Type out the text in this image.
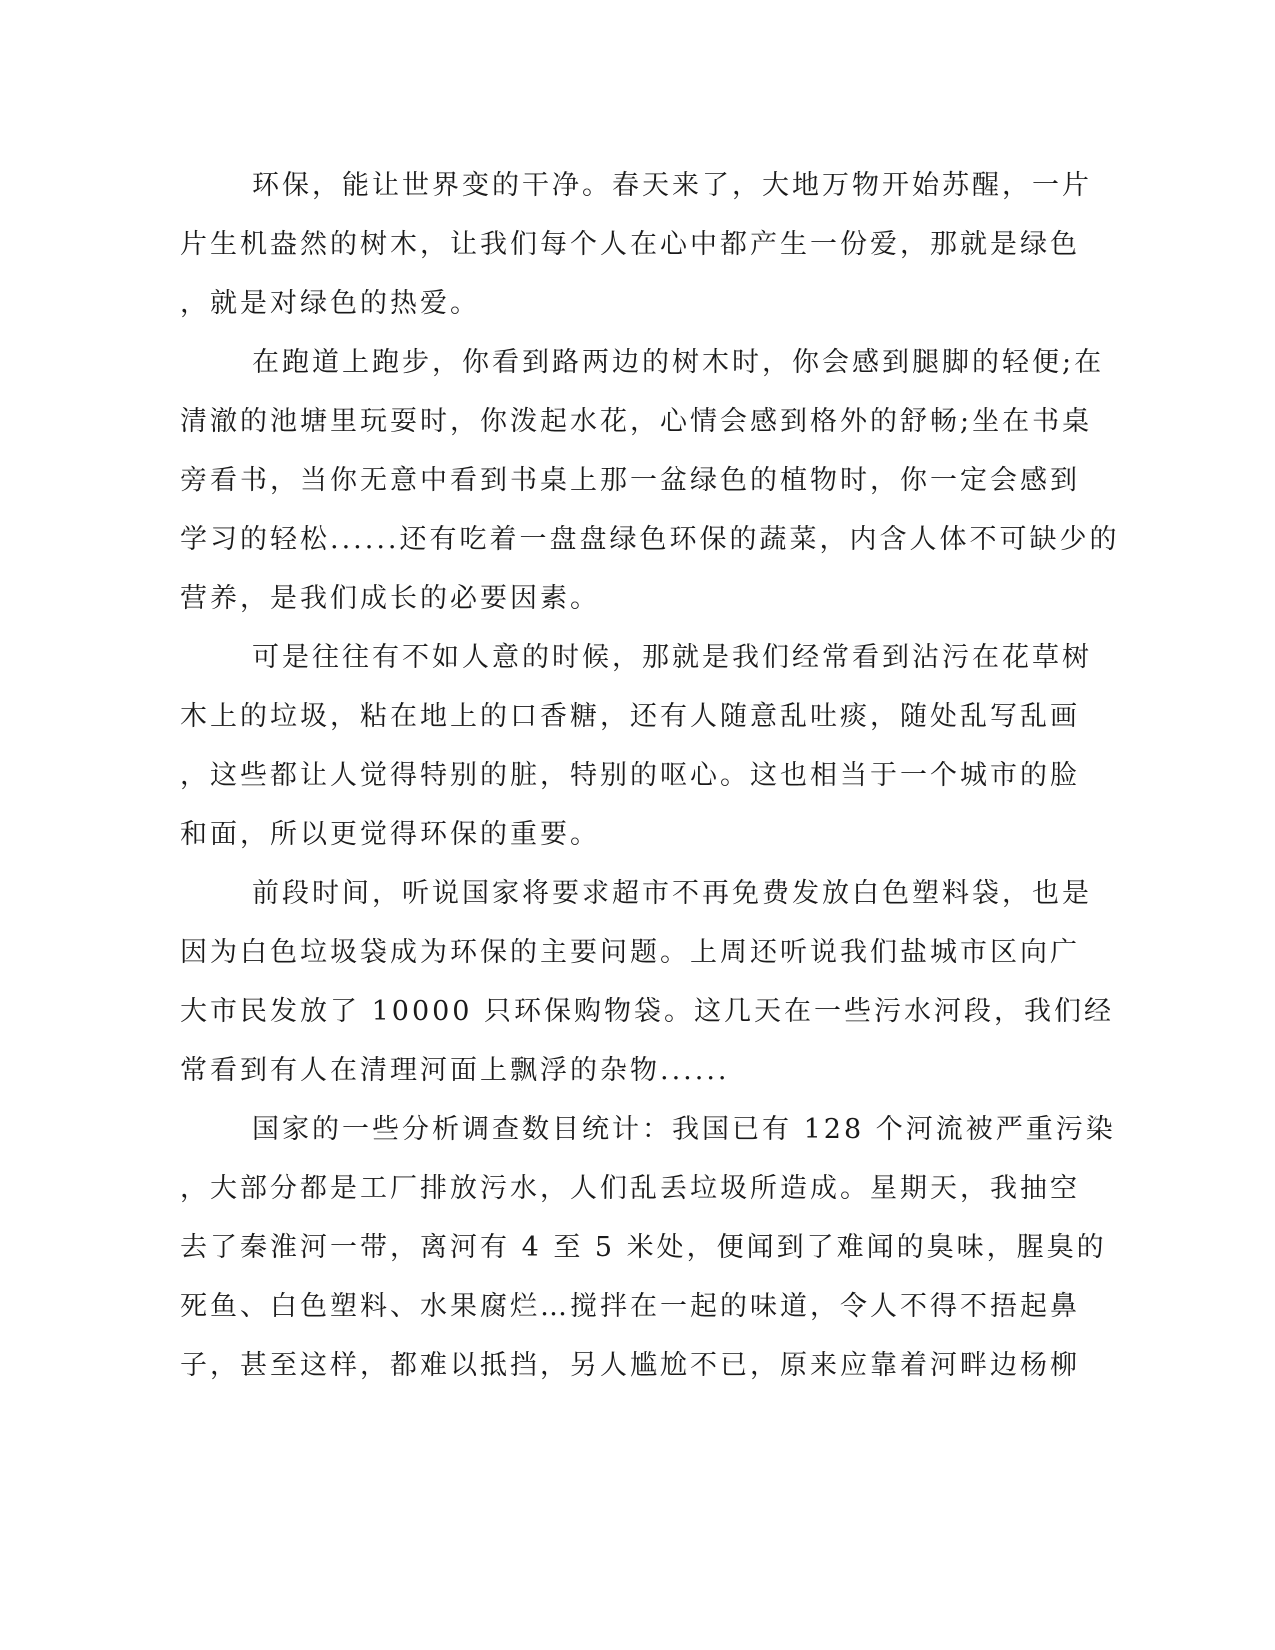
环保，能让世界变的干净。春天来了，大地万物开始苏醒，一片
片生机盎然的树木，让我们每个人在心中都产生一份爱，那就是绿色
，就是对绿色的热爱。
在跑道上跑步，你看到路两边的树木时，你会感到腿脚的轻便;在
清澈的池塘里玩耍时，你泼起水花，心情会感到格外的舒畅;坐在书桌
旁看书，当你无意中看到书桌上那一盆绿色的植物时，你一定会感到
学习的轻松......还有吃着一盘盘绿色环保的蔬菜，内含人体不可缺少的
营养，是我们成长的必要因素。
可是往往有不如人意的时候，那就是我们经常看到沾污在花草树
木上的垃圾，粘在地上的口香糖，还有人随意乱吐痰，随处乱写乱画
，这些都让人觉得特别的脏，特别的呕心。这也相当于一个城市的脸
和面，所以更觉得环保的重要。
前段时间，听说国家将要求超市不再免费发放白色塑料袋，也是
因为白色垃圾袋成为环保的主要问题。上周还听说我们盐城市区向广
大市民发放了 10000 只环保购物袋。这几天在一些污水河段，我们经
常看到有人在清理河面上飘浮的杂物......
国家的一些分析调查数目统计：我国已有 128 个河流被严重污染
，大部分都是工厂排放污水，人们乱丢垃圾所造成。星期天，我抽空
去了秦淮河一带，离河有 4 至 5 米处，便闻到了难闻的臭味，腥臭的
死鱼、白色塑料、水果腐烂…搅拌在一起的味道，令人不得不捂起鼻
子，甚至这样，都难以抵挡，另人尴尬不已，原来应靠着河畔边杨柳
